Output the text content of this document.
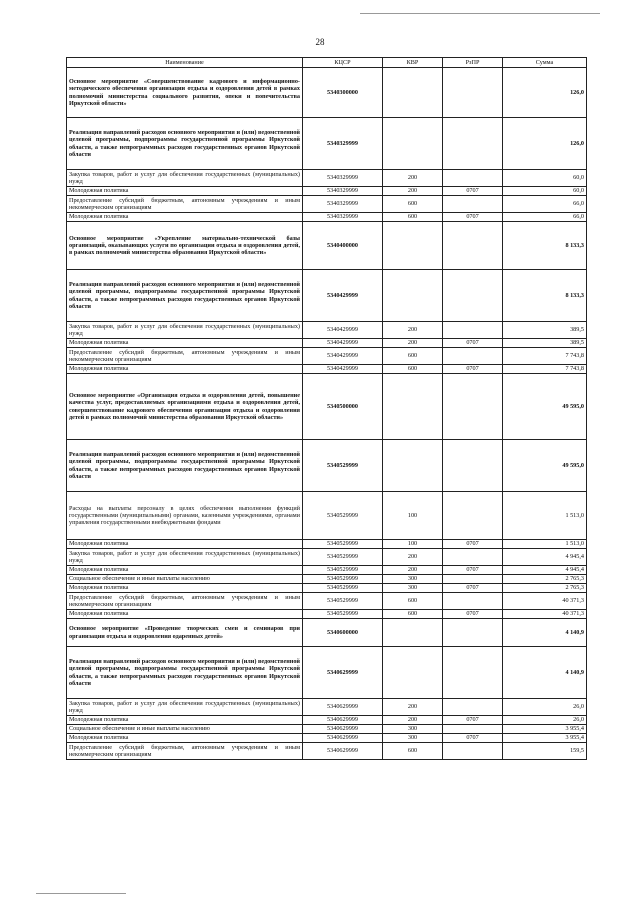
28
Наименование	КЦСР	КВР	РзПР	Сумма
Основное мероприятие «Совершенствование кадрового и информационно-методического обеспечения организации отдыха и оздоровления детей в рамках полномочий министерства социального развития, опеки и попечительства Иркутской области»	5340300000			126,0
Реализация направлений расходов основного мероприятия и (или) ведомственной целевой программы, подпрограммы государственной программы Иркутской области, а также непрограммных расходов государственных органов Иркутской области	5340329999			126,0
Закупка товаров, работ и услуг для обеспечения государственных (муниципальных) нужд	5340329999	200		60,0
Молодежная политика	5340329999	200	0707	60,0
Предоставление субсидий бюджетным, автономным учреждениям и иным некоммерческим организациям	5340329999	600		66,0
Молодежная политика	5340329999	600	0707	66,0
Основное мероприятие «Укрепление материально-технической базы организаций, оказывающих услуги по организации отдыха и оздоровления детей, в рамках полномочий министерства образования Иркутской области»	5340400000			8 133,3
Реализация направлений расходов основного мероприятия и (или) ведомственной целевой программы, подпрограммы государственной программы Иркутской области, а также непрограммных расходов государственных органов Иркутской области	5340429999			8 133,3
Закупка товаров, работ и услуг для обеспечения государственных (муниципальных) нужд	5340429999	200		389,5
Молодежная политика	5340429999	200	0707	389,5
Предоставление субсидий бюджетным, автономным учреждениям и иным некоммерческим организациям	5340429999	600		7 743,8
Молодежная политика	5340429999	600	0707	7 743,8
Основное мероприятие «Организация отдыха и оздоровления детей, повышение качества услуг, предоставляемых организациями отдыха и оздоровления детей, совершенствование кадрового обеспечения организации отдыха и оздоровления детей в рамках полномочий министерства образования Иркутской области»	5340500000			49 595,0
Реализация направлений расходов основного мероприятия и (или) ведомственной целевой программы, подпрограммы государственной программы Иркутской области, а также непрограммных расходов государственных органов Иркутской области	5340529999			49 595,0
Расходы на выплаты персоналу в целях обеспечения выполнения функций государственными (муниципальными) органами, казенными учреждениями, органами управления государственными внебюджетными фондами	5340529999	100		1 513,0
Молодежная политика	5340529999	100	0707	1 513,0
Закупка товаров, работ и услуг для обеспечения государственных (муниципальных) нужд	5340529999	200		4 945,4
Молодежная политика	5340529999	200	0707	4 945,4
Социальное обеспечение и иные выплаты населению	5340529999	300		2 765,3
Молодежная политика	5340529999	300	0707	2 765,3
Предоставление субсидий бюджетным, автономным учреждениям и иным некоммерческим организациям	5340529999	600		40 371,3
Молодежная политика	5340529999	600	0707	40 371,3
Основное мероприятие «Проведение творческих смен и семинаров при организации отдыха и оздоровления одаренных детей»	5340600000			4 140,9
Реализация направлений расходов основного мероприятия и (или) ведомственной целевой программы, подпрограммы государственной программы Иркутской области, а также непрограммных расходов государственных органов Иркутской области	5340629999			4 140,9
Закупка товаров, работ и услуг для обеспечения государственных (муниципальных) нужд	5340629999	200		26,0
Молодежная политика	5340629999	200	0707	26,0
Социальное обеспечение и иные выплаты населению	5340629999	300		3 955,4
Молодежная политика	5340629999	300	0707	3 955,4
Предоставление субсидий бюджетным, автономным учреждениям и иным некоммерческим организациям	5340629999	600		159,5
